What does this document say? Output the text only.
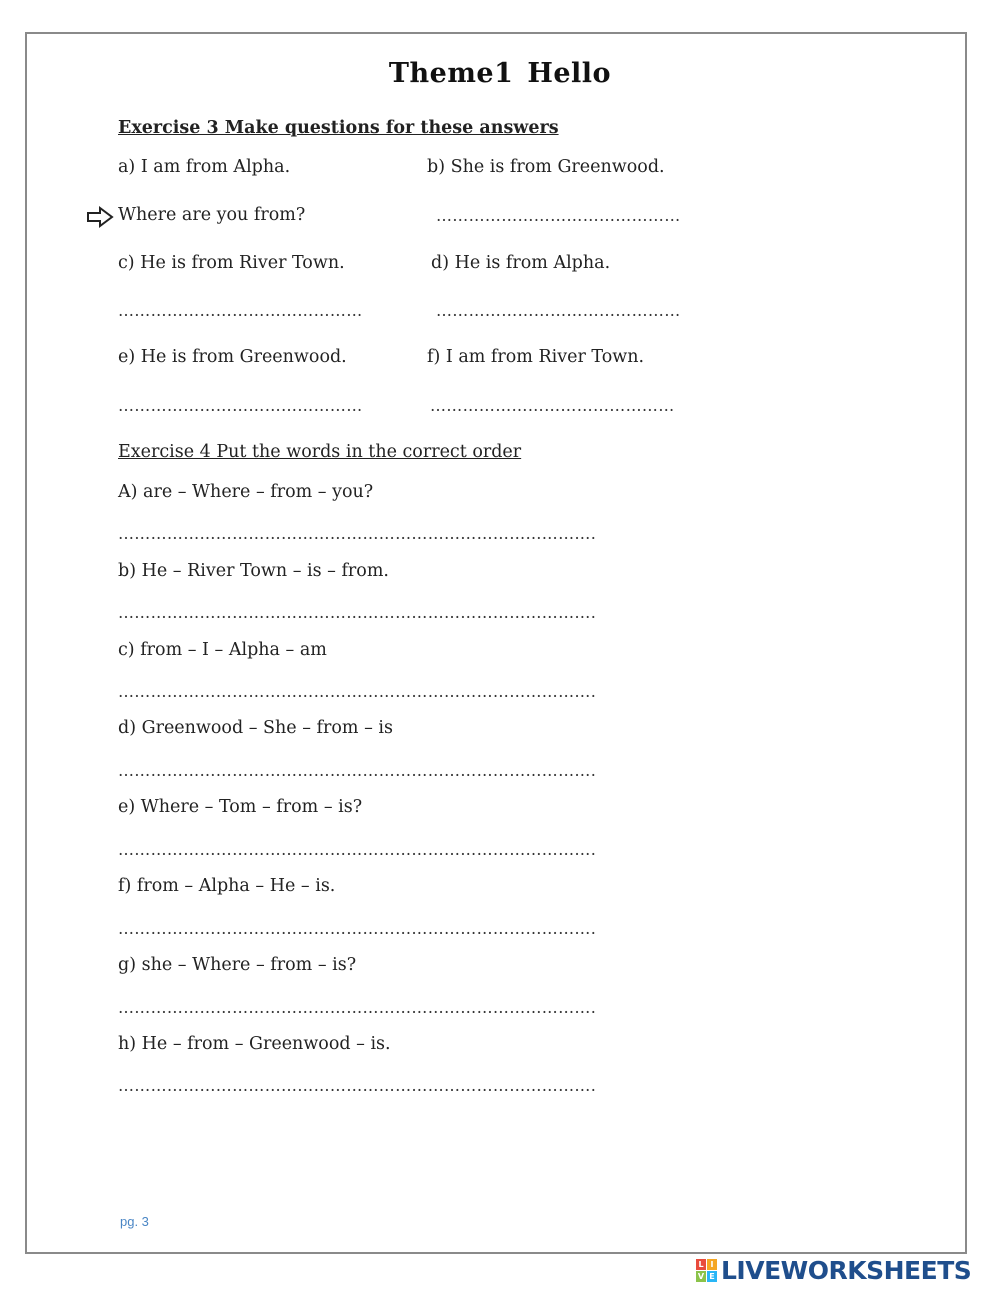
Theme1 Hello
Exercise 3 Make questions for these answers
a) I am from Alpha.	b) She is from Greenwood.
Where are you from?	………………………………………
c) He is from River Town.	d) He is from Alpha.
………………………………………	………………………………………
e) He is from Greenwood.	f) I am from River Town.
………………………………………	………………………………………
Exercise 4 Put the words in the correct order
A) are – Where – from – you?
…………………………………………………………………………….
b) He – River Town – is – from.
…………………………………………………………………………….
c) from – I – Alpha – am
…………………………………………………………………………….
d) Greenwood – She – from – is
…………………………………………………………………………….
e) Where – Tom – from – is?
…………………………………………………………………………….
f) from – Alpha – He – is.
…………………………………………………………………………….
g) she – Where – from – is?
…………………………………………………………………………….
h) He – from – Greenwood – is.
…………………………………………………………………………….
pg. 3
L I
V E LIVEWORKSHEETS
